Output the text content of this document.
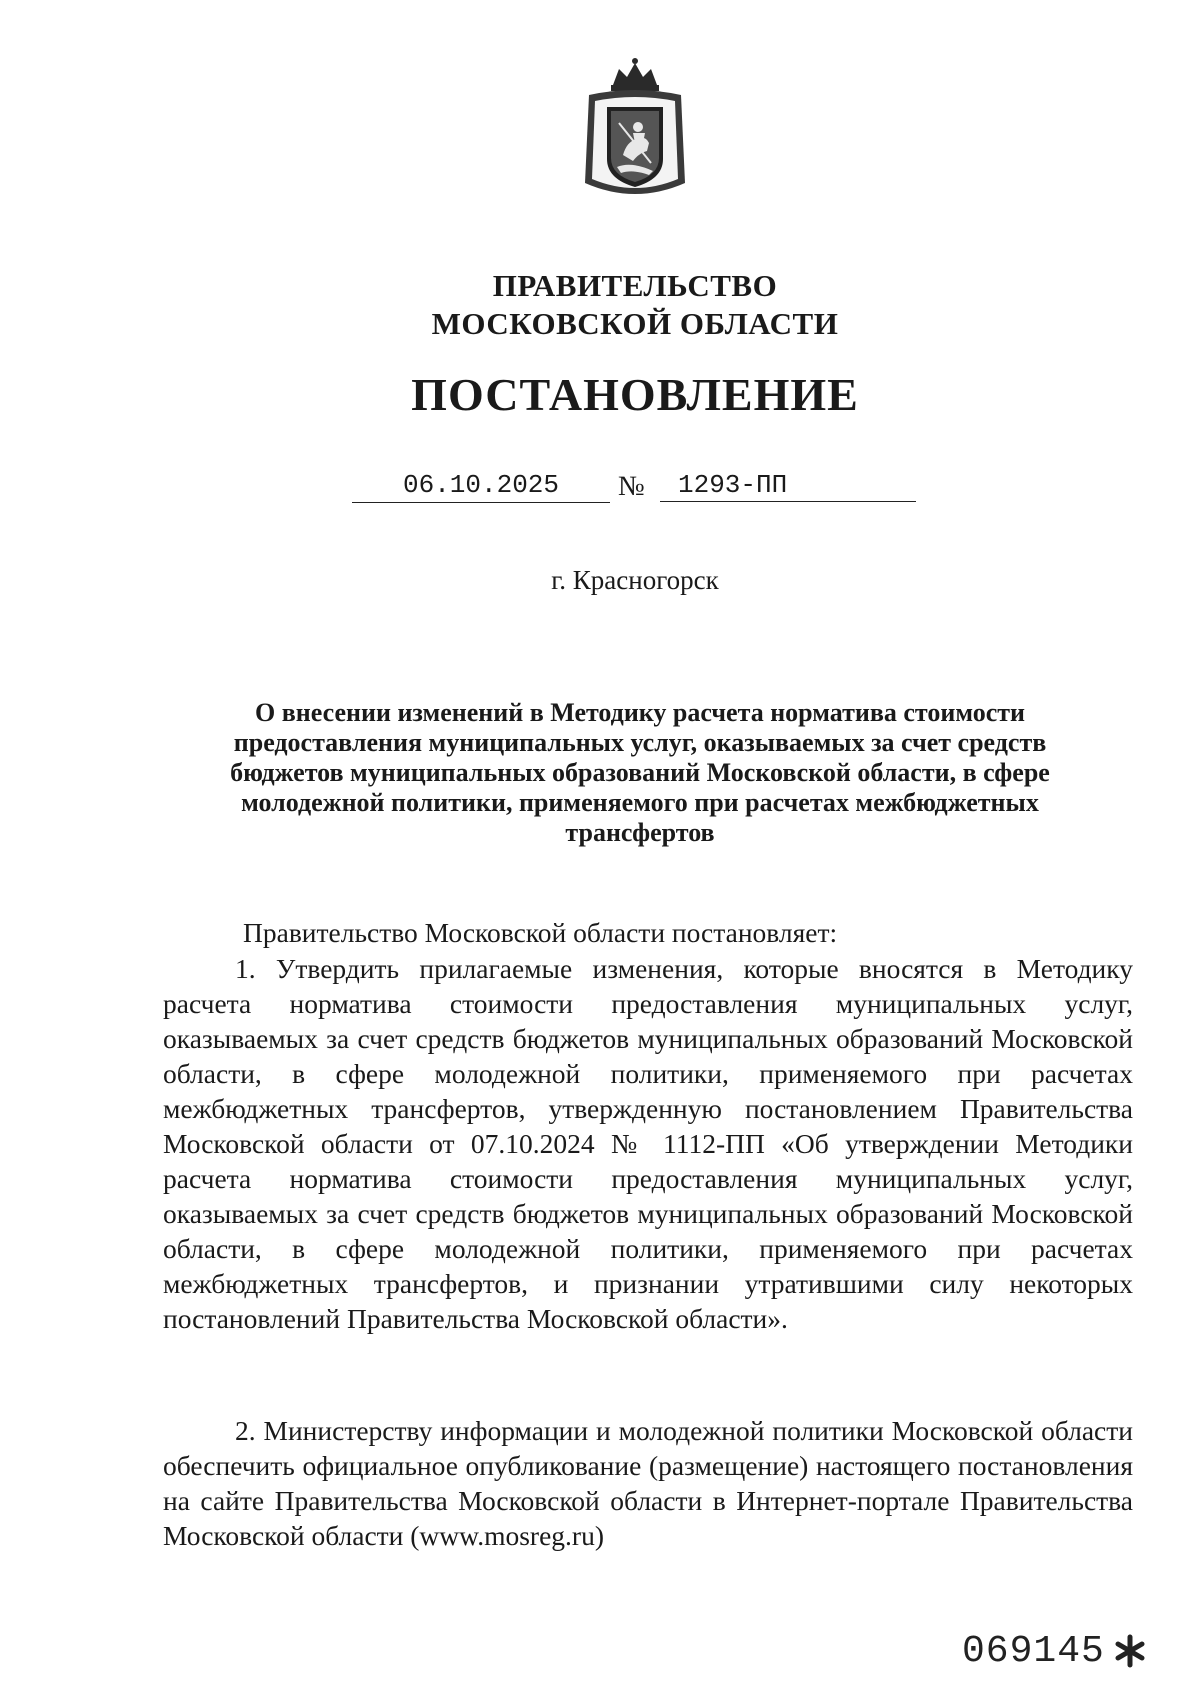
ПРАВИТЕЛЬСТВО
МОСКОВСКОЙ ОБЛАСТИ
ПОСТАНОВЛЕНИЕ
06.10.2025	№	1293-ПП
г. Красногорск
О внесении изменений в Методику расчета норматива стоимости предоставления муниципальных услуг, оказываемых за счет средств бюджетов муниципальных образований Московской области, в сфере молодежной политики, применяемого при расчетах межбюджетных трансфертов
Правительство Московской области постановляет:
1. Утвердить прилагаемые изменения, которые вносятся в Методику расчета норматива стоимости предоставления муниципальных услуг, оказываемых за счет средств бюджетов муниципальных образований Московской области, в сфере молодежной политики, применяемого при расчетах межбюджетных трансфертов, утвержденную постановлением Правительства Московской области от 07.10.2024 № 1112-ПП «Об утверждении Методики расчета норматива стоимости предоставления муниципальных услуг, оказываемых за счет средств бюджетов муниципальных образований Московской области, в сфере молодежной политики, применяемого при расчетах межбюджетных трансфертов, и признании утратившими силу некоторых постановлений Правительства Московской области».
2. Министерству информации и молодежной политики Московской области обеспечить официальное опубликование (размещение) настоящего постановления на сайте Правительства Московской области в Интернет-портале Правительства Московской области (www.mosreg.ru)
069145
